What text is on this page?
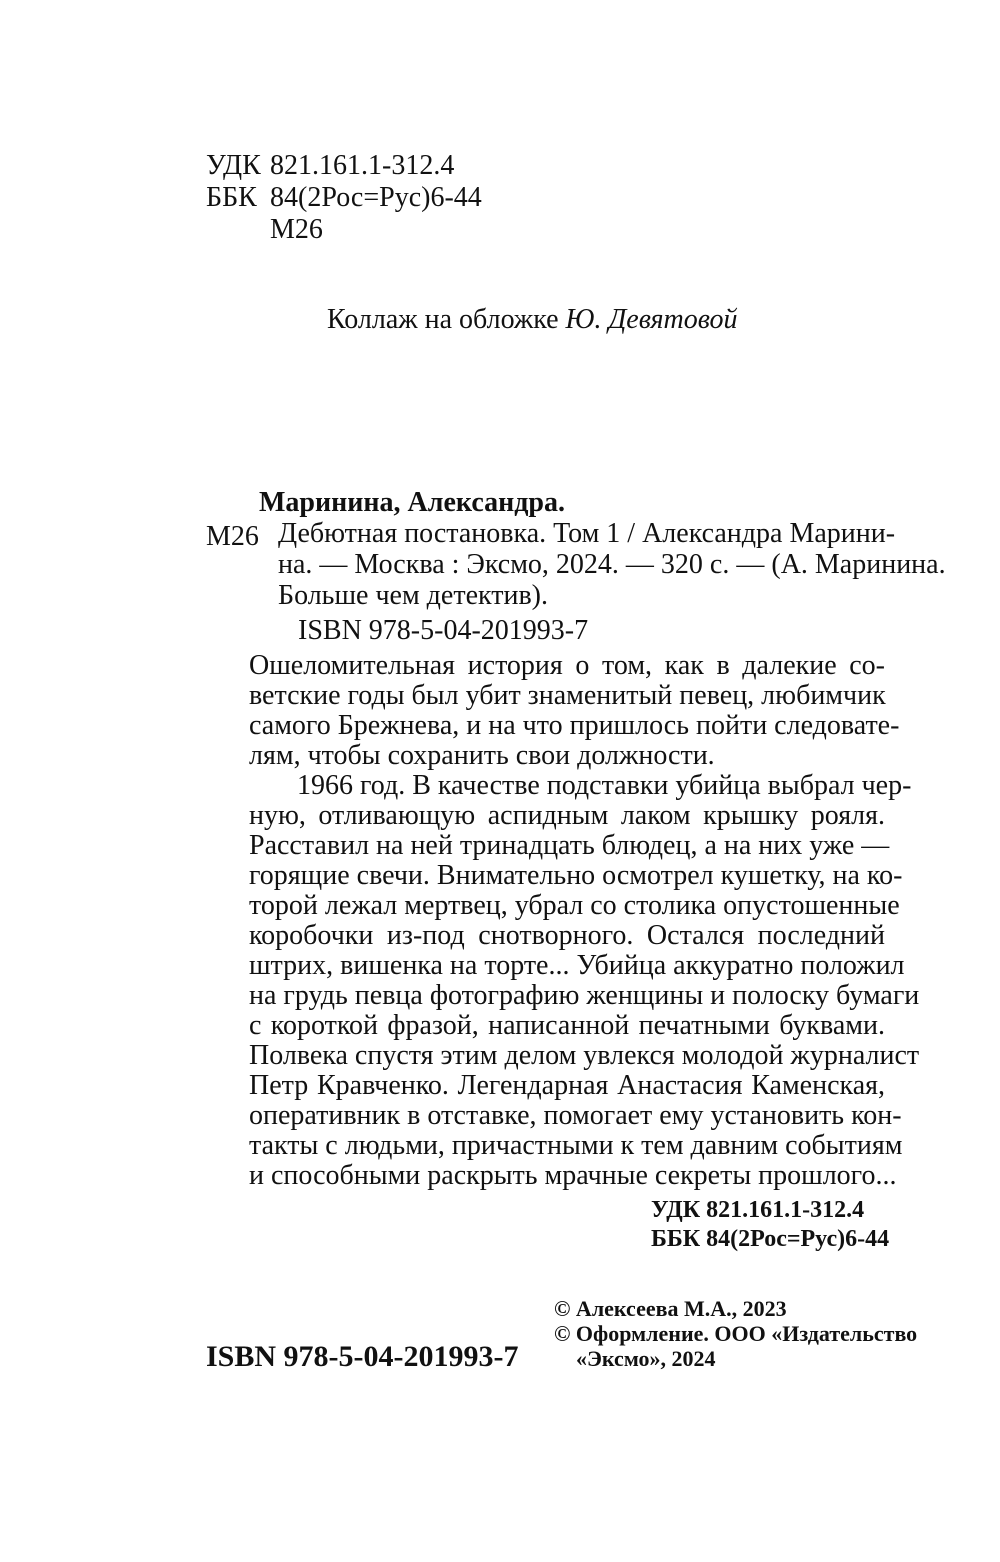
УДК 821.161.1-312.4
ББК 84(2Рос=Рус)6-44
М26
Коллаж на обложке Ю. Девятовой
Маринина, Александра.
М26 Дебютная постановка. Том 1 / Александра Марини-
на. — Москва : Эксмо, 2024. — 320 с. — (А. Маринина.
Больше чем детектив).
ISBN 978-5-04-201993-7
Ошеломительная история о том, как в далекие со-
ветские годы был убит знаменитый певец, любимчик
самого Брежнева, и на что пришлось пойти следовате-
лям, чтобы сохранить свои должности.
1966 год. В качестве подставки убийца выбрал чер-
ную, отливающую аспидным лаком крышку рояля.
Расставил на ней тринадцать блюдец, а на них уже —
горящие свечи. Внимательно осмотрел кушетку, на ко-
торой лежал мертвец, убрал со столика опустошенные
коробочки из-под снотворного. Остался последний
штрих, вишенка на торте... Убийца аккуратно положил
на грудь певца фотографию женщины и полоску бумаги
с короткой фразой, написанной печатными буквами.
Полвека спустя этим делом увлекся молодой журналист
Петр Кравченко. Легендарная Анастасия Каменская,
оперативник в отставке, помогает ему установить кон-
такты с людьми, причастными к тем давним событиям
и способными раскрыть мрачные секреты прошлого...
УДК 821.161.1-312.4
ББК 84(2Рос=Рус)6-44
© Алексеева М.А., 2023
© Оформление. ООО «Издательство
«Эксмо», 2024
ISBN 978-5-04-201993-7
